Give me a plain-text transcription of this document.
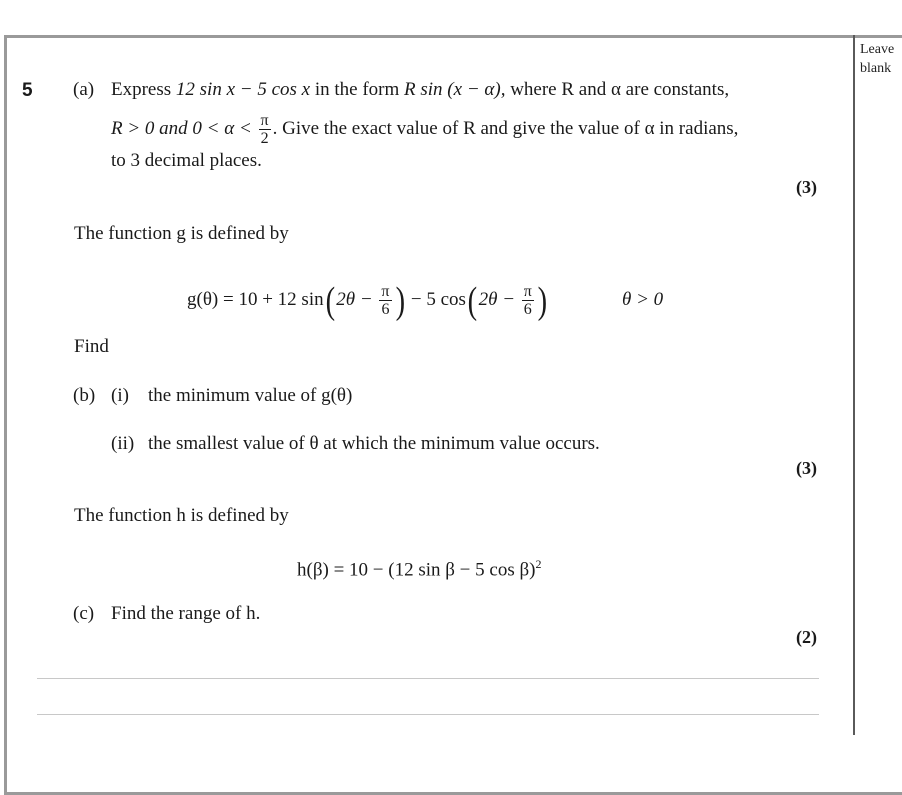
Leave
blank
5 (a) Express 12 sin x − 5 cos x in the form R sin (x − α), where R and α are constants,
R > 0 and $0 < \alpha < \frac{\pi}{2}$ . Give the exact value of R and give the value of α in radians,
to 3 decimal places.
(3)
The function g is defined by
g(θ) = 10 + 12 $\sin(2\theta - \frac{\pi}{6}$ ) − 5 $\cos(2\theta - \frac{\pi}{6}$ )	θ > 0
Find
(b) (i) the minimum value of g(θ)
(ii) the smallest value of θ at which the minimum value occurs.
(3)
The function h is defined by
h(β) = 10 − (12 sin β − 5 cos β)$^2$
(c) Find the range of h.
(2)
